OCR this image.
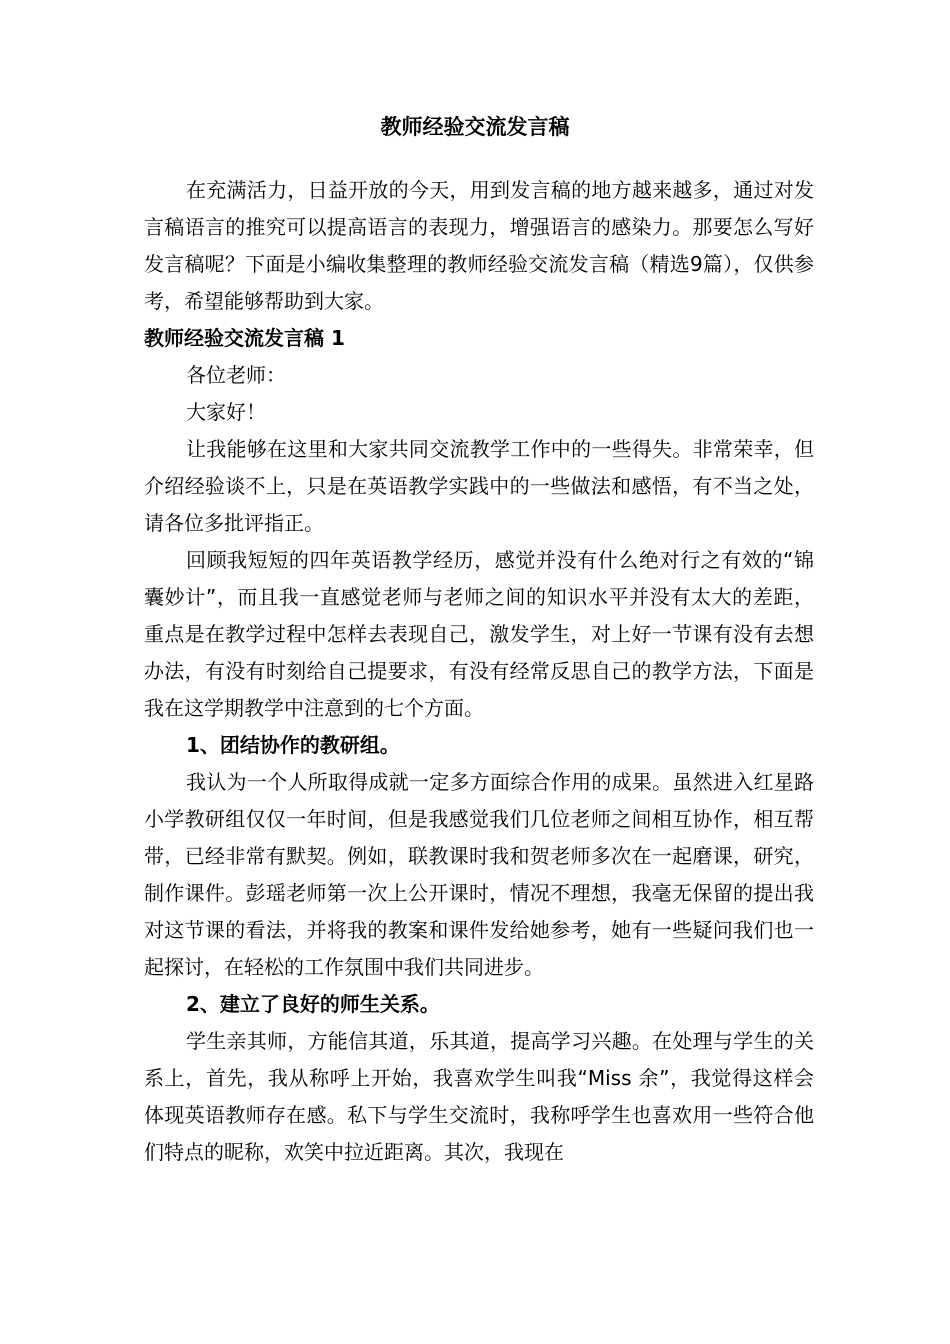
教师经验交流发言稿

在充满活力，日益开放的今天，用到发言稿的地方越来越多，通过对发言稿语言的推究可以提高语言的表现力，增强语言的感染力。那要怎么写好发言稿呢？下面是小编收集整理的教师经验交流发言稿（精选9篇），仅供参考，希望能够帮助到大家。

教师经验交流发言稿 1

各位老师：

大家好！

让我能够在这里和大家共同交流教学工作中的一些得失。非常荣幸，但介绍经验谈不上，只是在英语教学实践中的一些做法和感悟，有不当之处，请各位多批评指正。

回顾我短短的四年英语教学经历，感觉并没有什么绝对行之有效的“锦囊妙计”，而且我一直感觉老师与老师之间的知识水平并没有太大的差距，重点是在教学过程中怎样去表现自己，激发学生，对上好一节课有没有去想办法，有没有时刻给自己提要求，有没有经常反思自己的教学方法，下面是我在这学期教学中注意到的七个方面。

1、团结协作的教研组。

我认为一个人所取得成就一定多方面综合作用的成果。虽然进入红星路小学教研组仅仅一年时间，但是我感觉我们几位老师之间相互协作，相互帮带，已经非常有默契。例如，联教课时我和贺老师多次在一起磨课，研究，制作课件。彭瑶老师第一次上公开课时，情况不理想，我毫无保留的提出我对这节课的看法，并将我的教案和课件发给她参考，她有一些疑问我们也一起探讨，在轻松的工作氛围中我们共同进步。

2、建立了良好的师生关系。

学生亲其师，方能信其道，乐其道，提高学习兴趣。在处理与学生的关系上，首先，我从称呼上开始，我喜欢学生叫我“Miss 余”，我觉得这样会体现英语教师存在感。私下与学生交流时，我称呼学生也喜欢用一些符合他们特点的昵称，欢笑中拉近距离。其次，我现在
